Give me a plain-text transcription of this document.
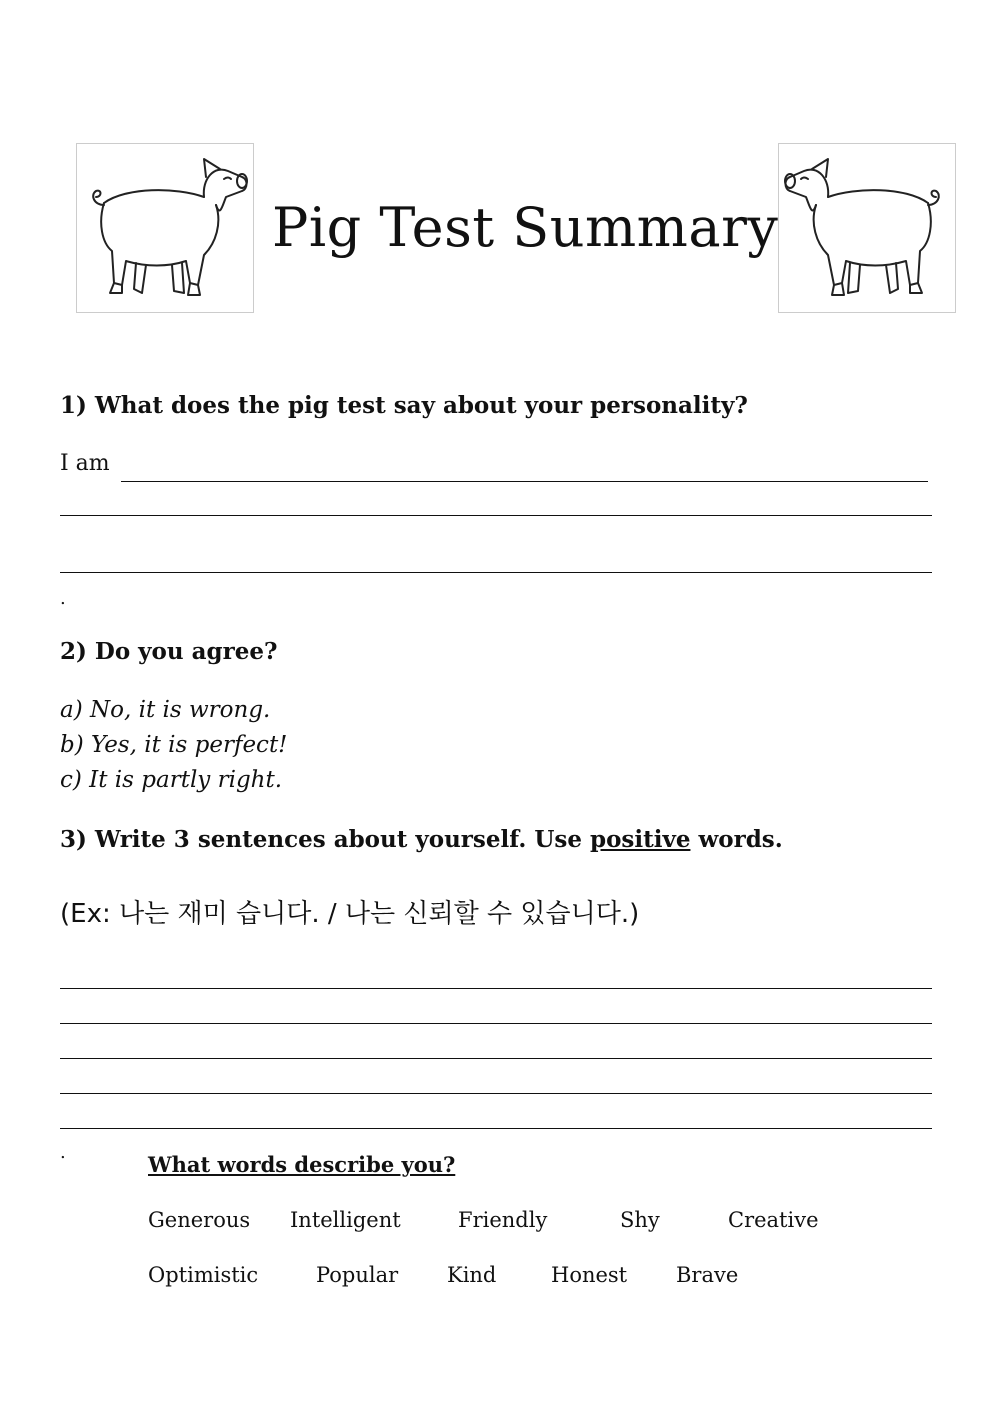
Pig Test Summary
1) What does the pig test say about your personality?
I am
.
2) Do you agree?
a) No, it is wrong.
b) Yes, it is perfect!
c) It is partly right.
3) Write 3 sentences about yourself. Use positive words.
(Ex: 나는 재미 습니다. / 나는 신뢰할 수 있습니다.)
.	What words describe you?
Generous Intelligent	Friendly	Shy	Creative
Optimistic	Popular Kind	Honest Brave
